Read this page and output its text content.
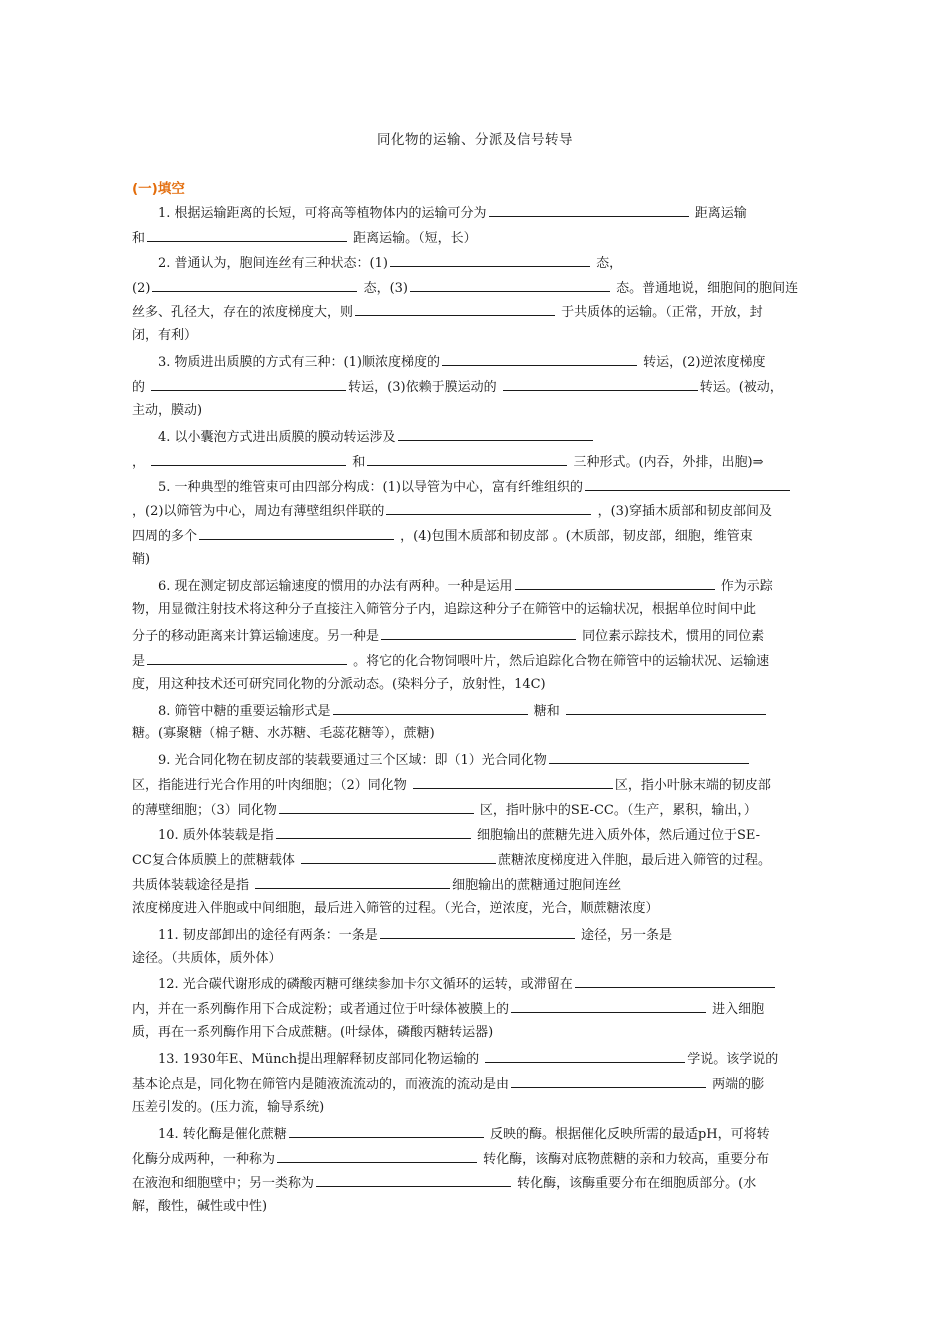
同化物的运输、分派及信号转导
(一)填空
1. 根据运输距离的长短，可将高等植物体内的运输可分为	距离运输
和	距离运输。（短，长）
2. 普通认为，胞间连丝有三种状态：(1)	态，
(2)	态，(3)	态。普通地说，细胞间的胞间连
丝多、孔径大，存在的浓度梯度大，则	于共质体的运输。（正常，开放，封
闭，有利）
3. 物质进出质膜的方式有三种：(1)顺浓度梯度的	转运，(2)逆浓度梯度
的	转运，(3)依赖于膜运动的	转运。(被动，
主动，膜动)
4. 以小囊泡方式进出质膜的膜动转运涉及
，	和	三种形式。(内吞，外排，出胞)⇒
5. 一种典型的维管束可由四部分构成：(1)以导管为中心，富有纤维组织的
，(2)以筛管为中心，周边有薄壁组织伴联的	，(3)穿插木质部和韧皮部间及
四周的多个	，(4)包围木质部和韧皮部 。(木质部，韧皮部，细胞，维管束
鞘)
6. 现在测定韧皮部运输速度的惯用的办法有两种。一种是运用	作为示踪
物，用显微注射技术将这种分子直接注入筛管分子内，追踪这种分子在筛管中的运输状况，根据单位时间中此
分子的移动距离来计算运输速度。另一种是	同位素示踪技术，惯用的同位素
是	。将它的化合物饲喂叶片，然后追踪化合物在筛管中的运输状况、运输速
度，用这种技术还可研究同化物的分派动态。(染料分子，放射性，14C)
8. 筛管中糖的重要运输形式是	糖和
糖。(寡聚糖（棉子糖、水苏糖、毛蕊花糖等），蔗糖)
9. 光合同化物在韧皮部的装载要通过三个区域：即（1）光合同化物
区，指能进行光合作用的叶肉细胞；（2）同化物	区，指小叶脉末端的韧皮部
的薄壁细胞；（3）同化物	区，指叶脉中的SE-CC。（生产，累积，输出，）
10. 质外体装载是指	细胞输出的蔗糖先进入质外体，然后通过位于SE-
CC复合体质膜上的蔗糖载体	蔗糖浓度梯度进入伴胞，最后进入筛管的过程。
共质体装载途径是指	细胞输出的蔗糖通过胞间连丝
浓度梯度进入伴胞或中间细胞，最后进入筛管的过程。（光合，逆浓度，光合，顺蔗糖浓度）
11. 韧皮部卸出的途径有两条：一条是	途径，另一条是
途径。（共质体，质外体）
12. 光合碳代谢形成的磷酸丙糖可继续参加卡尔文循环的运转，或滞留在
内，并在一系列酶作用下合成淀粉；或者通过位于叶绿体被膜上的	进入细胞
质，再在一系列酶作用下合成蔗糖。(叶绿体，磷酸丙糖转运器)
13. 1930年E、Münch提出理解释韧皮部同化物运输的	学说。该学说的
基本论点是，同化物在筛管内是随液流流动的，而液流的流动是由	两端的膨
压差引发的。(压力流，输导系统)
14. 转化酶是催化蔗糖	反映的酶。根据催化反映所需的最适pH，可将转
化酶分成两种，一种称为	转化酶，该酶对底物蔗糖的亲和力较高，重要分布
在液泡和细胞壁中；另一类称为	转化酶，该酶重要分布在细胞质部分。(水
解，酸性，碱性或中性)
